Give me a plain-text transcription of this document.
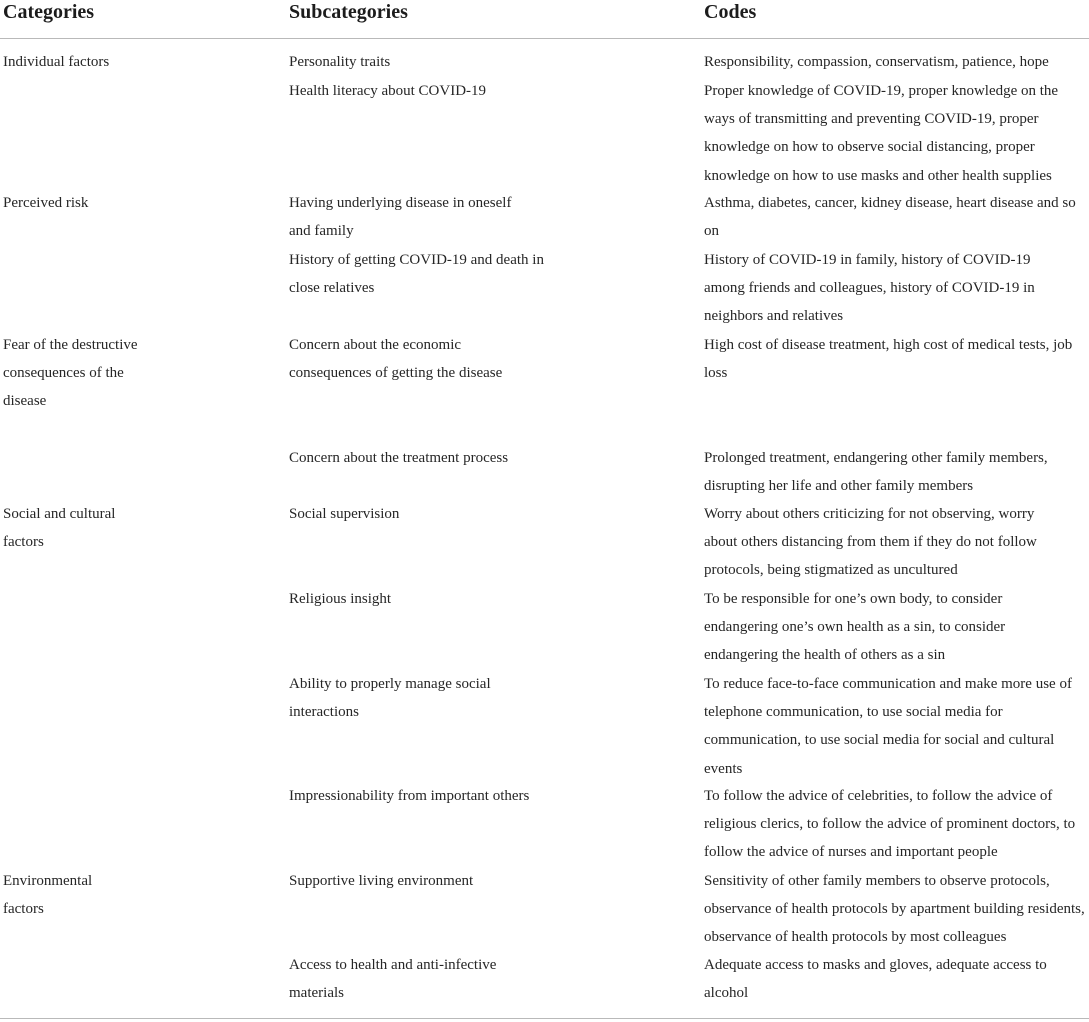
Categories	Subcategories	Codes
Individual factors
Perceived risk
Fear of the destructive consequences of the disease
Social and cultural factors
Environmental factors
Personality traits
Health literacy about COVID-19
Having underlying disease in oneself and family
History of getting COVID-19 and death in close relatives
Concern about the economic consequences of getting the disease
Concern about the treatment process
Social supervision
Religious insight
Ability to properly manage social interactions
Impressionability from important others
Supportive living environment
Access to health and anti-infective materials
Responsibility, compassion, conservatism, patience, hope
Proper knowledge of COVID-19, proper knowledge on the ways of transmitting and preventing COVID-19, proper knowledge on how to observe social distancing, proper knowledge on how to use masks and other health supplies
Asthma, diabetes, cancer, kidney disease, heart disease and so on
History of COVID-19 in family, history of COVID-19 among friends and colleagues, history of COVID-19 in neighbors and relatives
High cost of disease treatment, high cost of medical tests, job loss
Prolonged treatment, endangering other family members, disrupting her life and other family members
Worry about others criticizing for not observing, worry about others distancing from them if they do not follow protocols, being stigmatized as uncultured
To be responsible for one’s own body, to consider endangering one’s own health as a sin, to consider endangering the health of others as a sin
To reduce face-to-face communication and make more use of telephone communication, to use social media for communication, to use social media for social and cultural events
To follow the advice of celebrities, to follow the advice of religious clerics, to follow the advice of prominent doctors, to follow the advice of nurses and important people
Sensitivity of other family members to observe protocols, observance of health protocols by apartment building residents, observance of health protocols by most colleagues
Adequate access to masks and gloves, adequate access to alcohol
